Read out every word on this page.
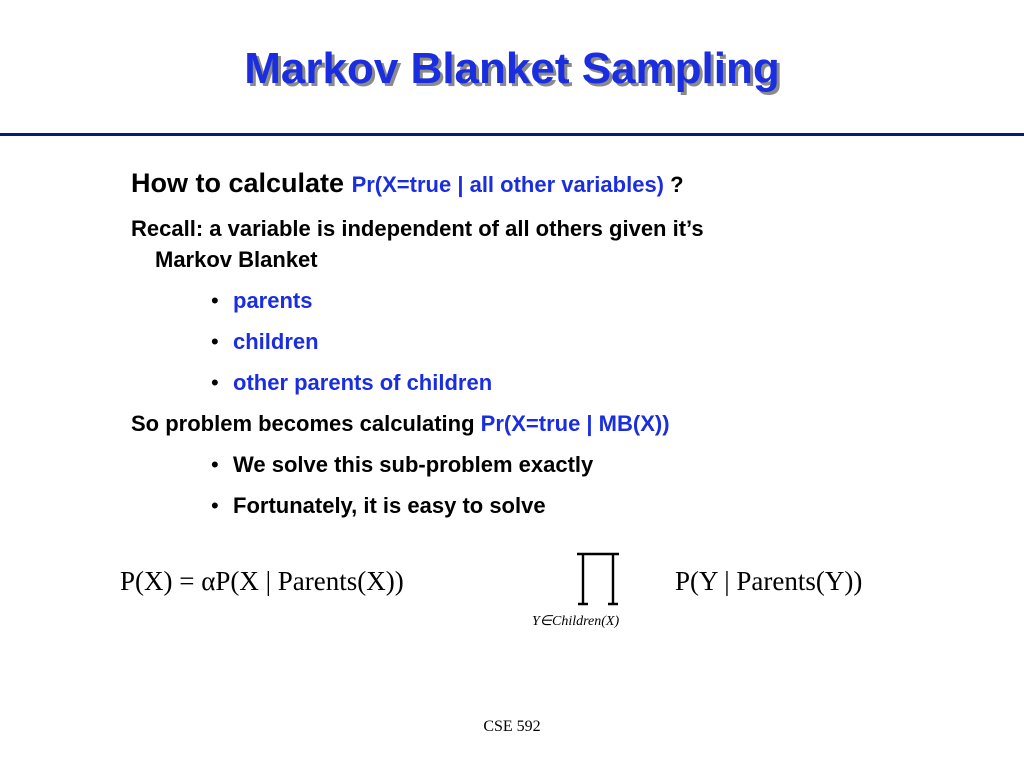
Markov Blanket Sampling
How to calculate Pr(X=true | all other variables) ?
Recall: a variable is independent of all others given it’s
Markov Blanket
• parents
• children
• other parents of children
So problem becomes calculating Pr(X=true | MB(X))
• We solve this sub-problem exactly
• Fortunately, it is easy to solve
P(X) = αP(X | Parents(X))
Y∈Children(X)
P(Y | Parents(Y))
CSE 592
